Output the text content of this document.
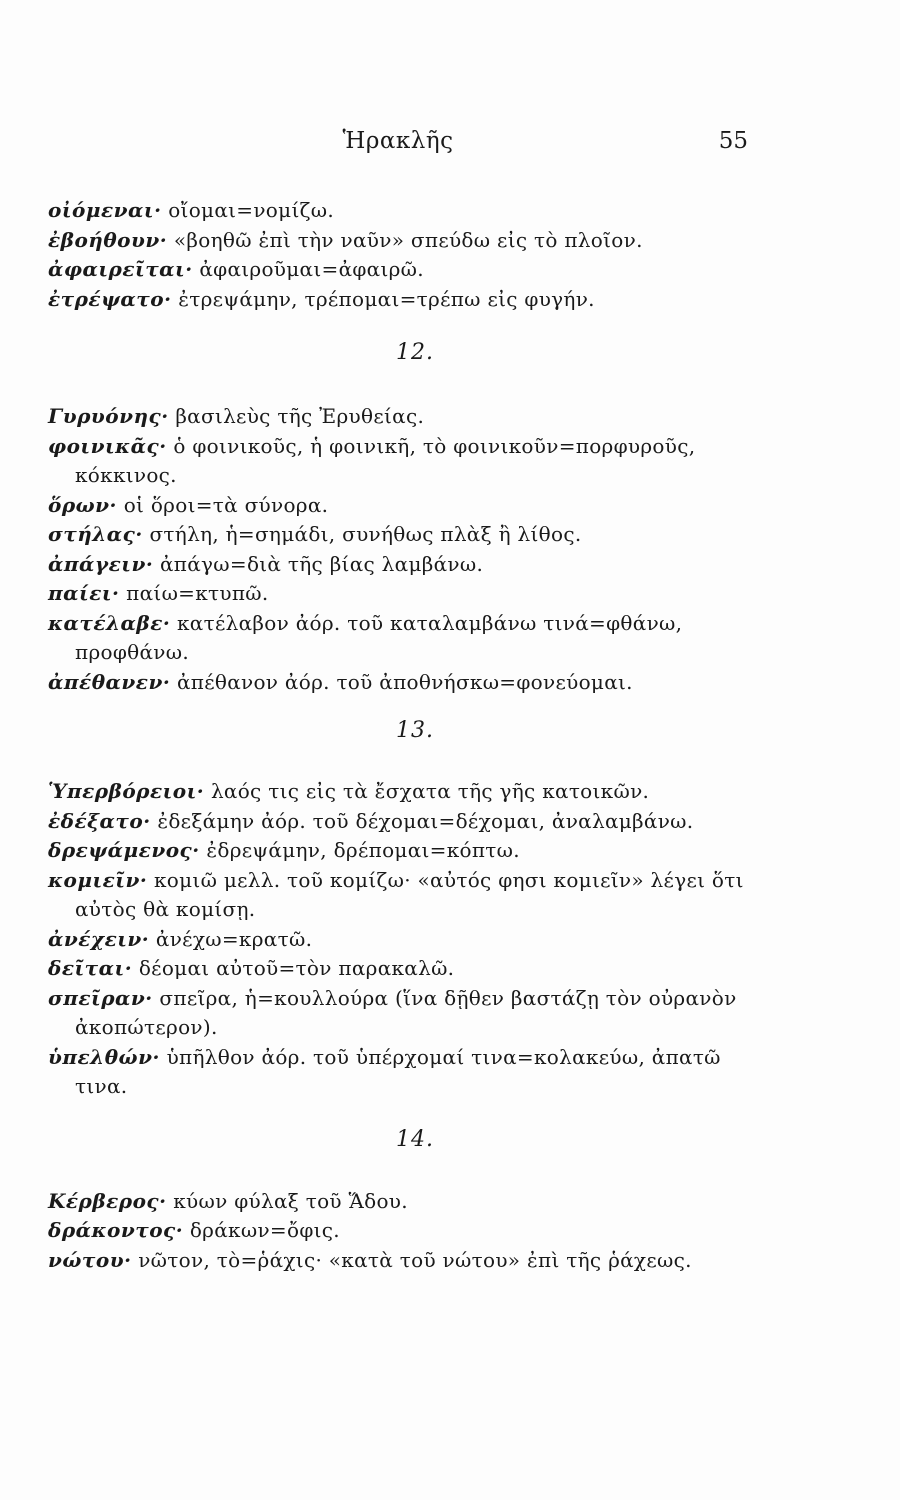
Ἡρακλῆς	55

οἰόμεναι· οἴομαι=νομίζω.

ἐβοήθουν· «βοηθῶ ἐπὶ τὴν ναῦν» σπεύδω εἰς τὸ πλοῖον.

ἀφαιρεῖται· ἀφαιροῦμαι=ἀφαιρῶ.

ἐτρέψατο· ἐτρεψάμην, τρέπομαι=τρέπω εἰς φυγήν.

12.

Γυρυόνης· βασιλεὺς τῆς Ἐρυθείας.

φοινικᾶς· ὁ φοινικοῦς, ἡ φοινικῆ, τὸ φοινικοῦν=πορφυροῦς, κόκκινος.

ὅρων· οἱ ὅροι=τὰ σύνορα.

στήλας· στήλη, ἡ=σημάδι, συνήθως πλὰξ ἢ λίθος.

ἀπάγειν· ἀπάγω=διὰ τῆς βίας λαμβάνω.

παίει· παίω=κτυπῶ.

κατέλαβε· κατέλαβον ἀόρ. τοῦ καταλαμβάνω τινά=φθάνω, προφθάνω.

ἀπέθανεν· ἀπέθανον ἀόρ. τοῦ ἀποθνήσκω=φονεύομαι.

13.

Ὑπερβόρειοι· λαός τις εἰς τὰ ἔσχατα τῆς γῆς κατοικῶν.

ἐδέξατο· ἐδεξάμην ἀόρ. τοῦ δέχομαι=δέχομαι, ἀναλαμβάνω.

δρεψάμενος· ἐδρεψάμην, δρέπομαι=κόπτω.

κομιεῖν· κομιῶ μελλ. τοῦ κομίζω· «αὐτός φησι κομιεῖν» λέγει ὅτι αὐτὸς θὰ κομίσῃ.

ἀνέχειν· ἀνέχω=κρατῶ.

δεῖται· δέομαι αὐτοῦ=τὸν παρακαλῶ.

σπεῖραν· σπεῖρα, ἡ=κουλλούρα (ἵνα δῇθεν βαστάζῃ τὸν οὐρανὸν ἀκοπώτερον).

ὑπελθών· ὑπῆλθον ἀόρ. τοῦ ὑπέρχομαί τινα=κολακεύω, ἀπατῶ τινα.

14.

Κέρβερος· κύων φύλαξ τοῦ Ἅδου.

δράκοντος· δράκων=ὄφις.

νώτου· νῶτον, τὸ=ῥάχις· «κατὰ τοῦ νώτου» ἐπὶ τῆς ῥάχεως.
